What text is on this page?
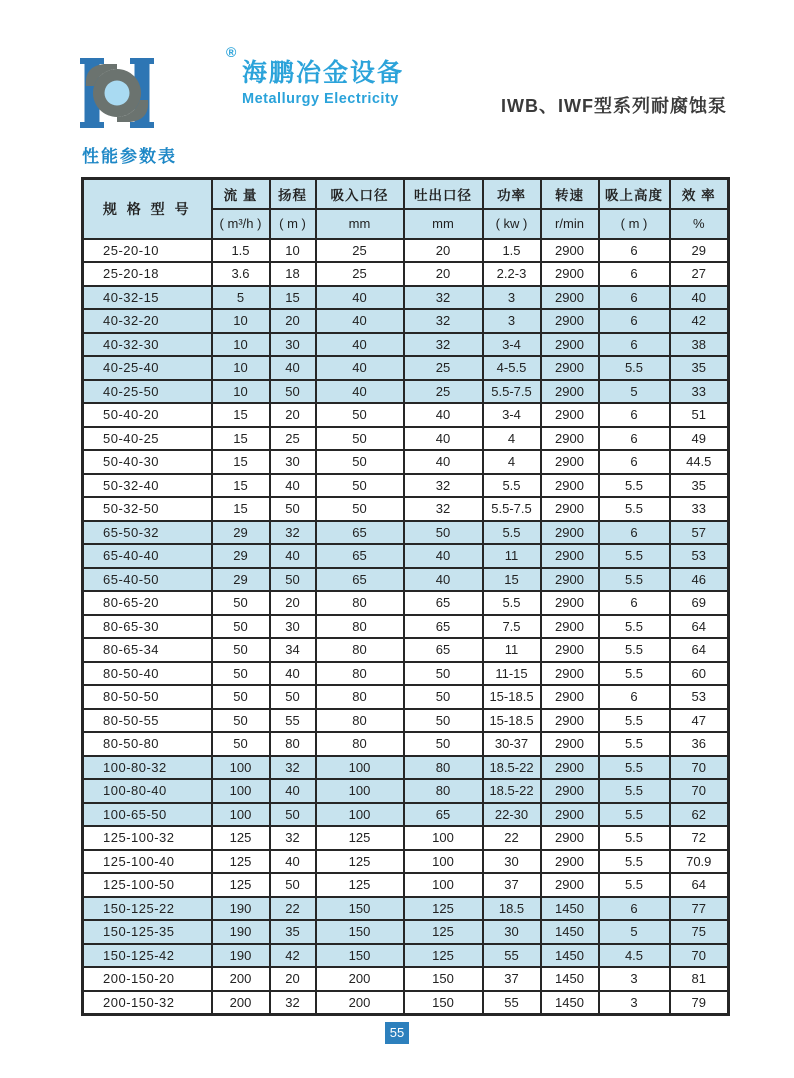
®
海鹏冶金设备
Metallurgy Electricity	IWB、IWF型系列耐腐蚀泵
性能参数表
规 格 型 号	流 量	扬程	吸入口径	吐出口径	功率	转速	吸上高度	效 率
	( m³/h )	( m )	mm	mm	( kw )	r/min	( m )	%
25-20-10	1.5	10	25	20	1.5	2900	6	29
25-20-18	3.6	18	25	20	2.2-3	2900	6	27
40-32-15	5	15	40	32	3	2900	6	40
40-32-20	10	20	40	32	3	2900	6	42
40-32-30	10	30	40	32	3-4	2900	6	38
40-25-40	10	40	40	25	4-5.5	2900	5.5	35
40-25-50	10	50	40	25	5.5-7.5	2900	5	33
50-40-20	15	20	50	40	3-4	2900	6	51
50-40-25	15	25	50	40	4	2900	6	49
50-40-30	15	30	50	40	4	2900	6	44.5
50-32-40	15	40	50	32	5.5	2900	5.5	35
50-32-50	15	50	50	32	5.5-7.5	2900	5.5	33
65-50-32	29	32	65	50	5.5	2900	6	57
65-40-40	29	40	65	40	11	2900	5.5	53
65-40-50	29	50	65	40	15	2900	5.5	46
80-65-20	50	20	80	65	5.5	2900	6	69
80-65-30	50	30	80	65	7.5	2900	5.5	64
80-65-34	50	34	80	65	11	2900	5.5	64
80-50-40	50	40	80	50	11-15	2900	5.5	60
80-50-50	50	50	80	50	15-18.5	2900	6	53
80-50-55	50	55	80	50	15-18.5	2900	5.5	47
80-50-80	50	80	80	50	30-37	2900	5.5	36
100-80-32	100	32	100	80	18.5-22	2900	5.5	70
100-80-40	100	40	100	80	18.5-22	2900	5.5	70
100-65-50	100	50	100	65	22-30	2900	5.5	62
125-100-32	125	32	125	100	22	2900	5.5	72
125-100-40	125	40	125	100	30	2900	5.5	70.9
125-100-50	125	50	125	100	37	2900	5.5	64
150-125-22	190	22	150	125	18.5	1450	6	77
150-125-35	190	35	150	125	30	1450	5	75
150-125-42	190	42	150	125	55	1450	4.5	70
200-150-20	200	20	200	150	37	1450	3	81
200-150-32	200	32	200	150	55	1450	3	79
55
